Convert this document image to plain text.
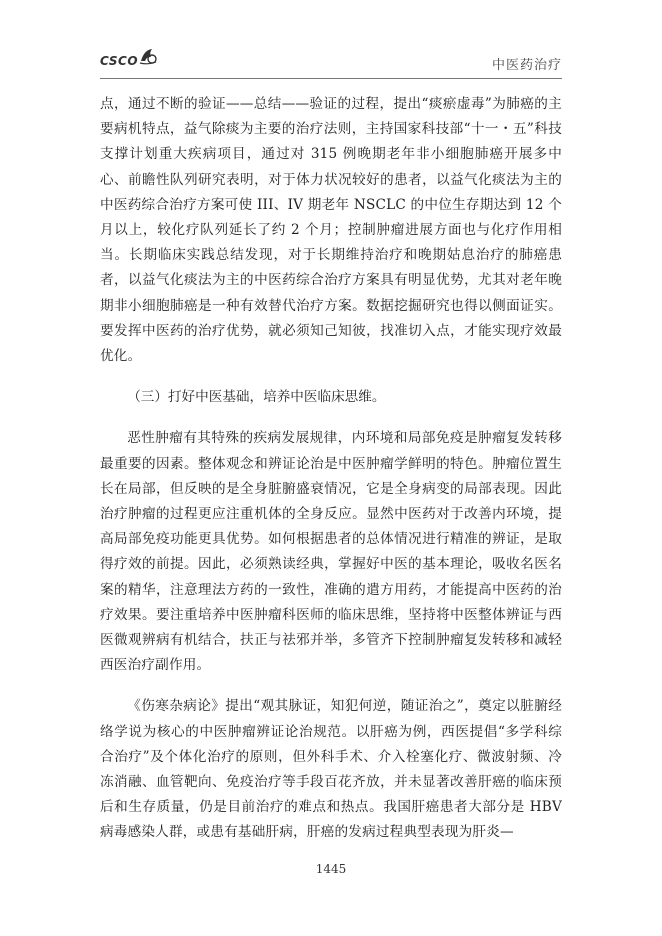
CSCO	中医药治疗

点，通过不断的验证——总结——验证的过程，提出“痰瘀虚毒”为肺癌的主要病机特点，益气除痰为主要的治疗法则，主持国家科技部“十一・五”科技支撑计划重大疾病项目，通过对 315 例晚期老年非小细胞肺癌开展多中心、前瞻性队列研究表明，对于体力状况较好的患者，以益气化痰法为主的中医药综合治疗方案可使 III、IV 期老年 NSCLC 的中位生存期达到 12 个月以上，较化疗队列延长了约 2 个月；控制肿瘤进展方面也与化疗作用相当。长期临床实践总结发现，对于长期维持治疗和晚期姑息治疗的肺癌患者，以益气化痰法为主的中医药综合治疗方案具有明显优势，尤其对老年晚期非小细胞肺癌是一种有效替代治疗方案。数据挖掘研究也得以侧面证实。要发挥中医药的治疗优势，就必须知己知彼，找准切入点，才能实现疗效最优化。

（三）打好中医基础，培养中医临床思维。

恶性肿瘤有其特殊的疾病发展规律，内环境和局部免疫是肿瘤复发转移最重要的因素。整体观念和辨证论治是中医肿瘤学鲜明的特色。肿瘤位置生长在局部，但反映的是全身脏腑盛衰情况，它是全身病变的局部表现。因此治疗肿瘤的过程更应注重机体的全身反应。显然中医药对于改善内环境，提高局部免疫功能更具优势。如何根据患者的总体情况进行精准的辨证，是取得疗效的前提。因此，必须熟读经典，掌握好中医的基本理论，吸收名医名案的精华，注意理法方药的一致性，准确的遣方用药，才能提高中医药的治疗效果。要注重培养中医肿瘤科医师的临床思维，坚持将中医整体辨证与西医微观辨病有机结合，扶正与祛邪并举，多管齐下控制肿瘤复发转移和减轻西医治疗副作用。

《伤寒杂病论》提出“观其脉证，知犯何逆，随证治之”，奠定以脏腑经络学说为核心的中医肿瘤辨证论治规范。以肝癌为例，西医提倡“多学科综合治疗”及个体化治疗的原则，但外科手术、介入栓塞化疗、微波射频、冷冻消融、血管靶向、免疫治疗等手段百花齐放，并未显著改善肝癌的临床预后和生存质量，仍是目前治疗的难点和热点。我国肝癌患者大部分是 HBV 病毒感染人群，或患有基础肝病，肝癌的发病过程典型表现为肝炎—

1445
